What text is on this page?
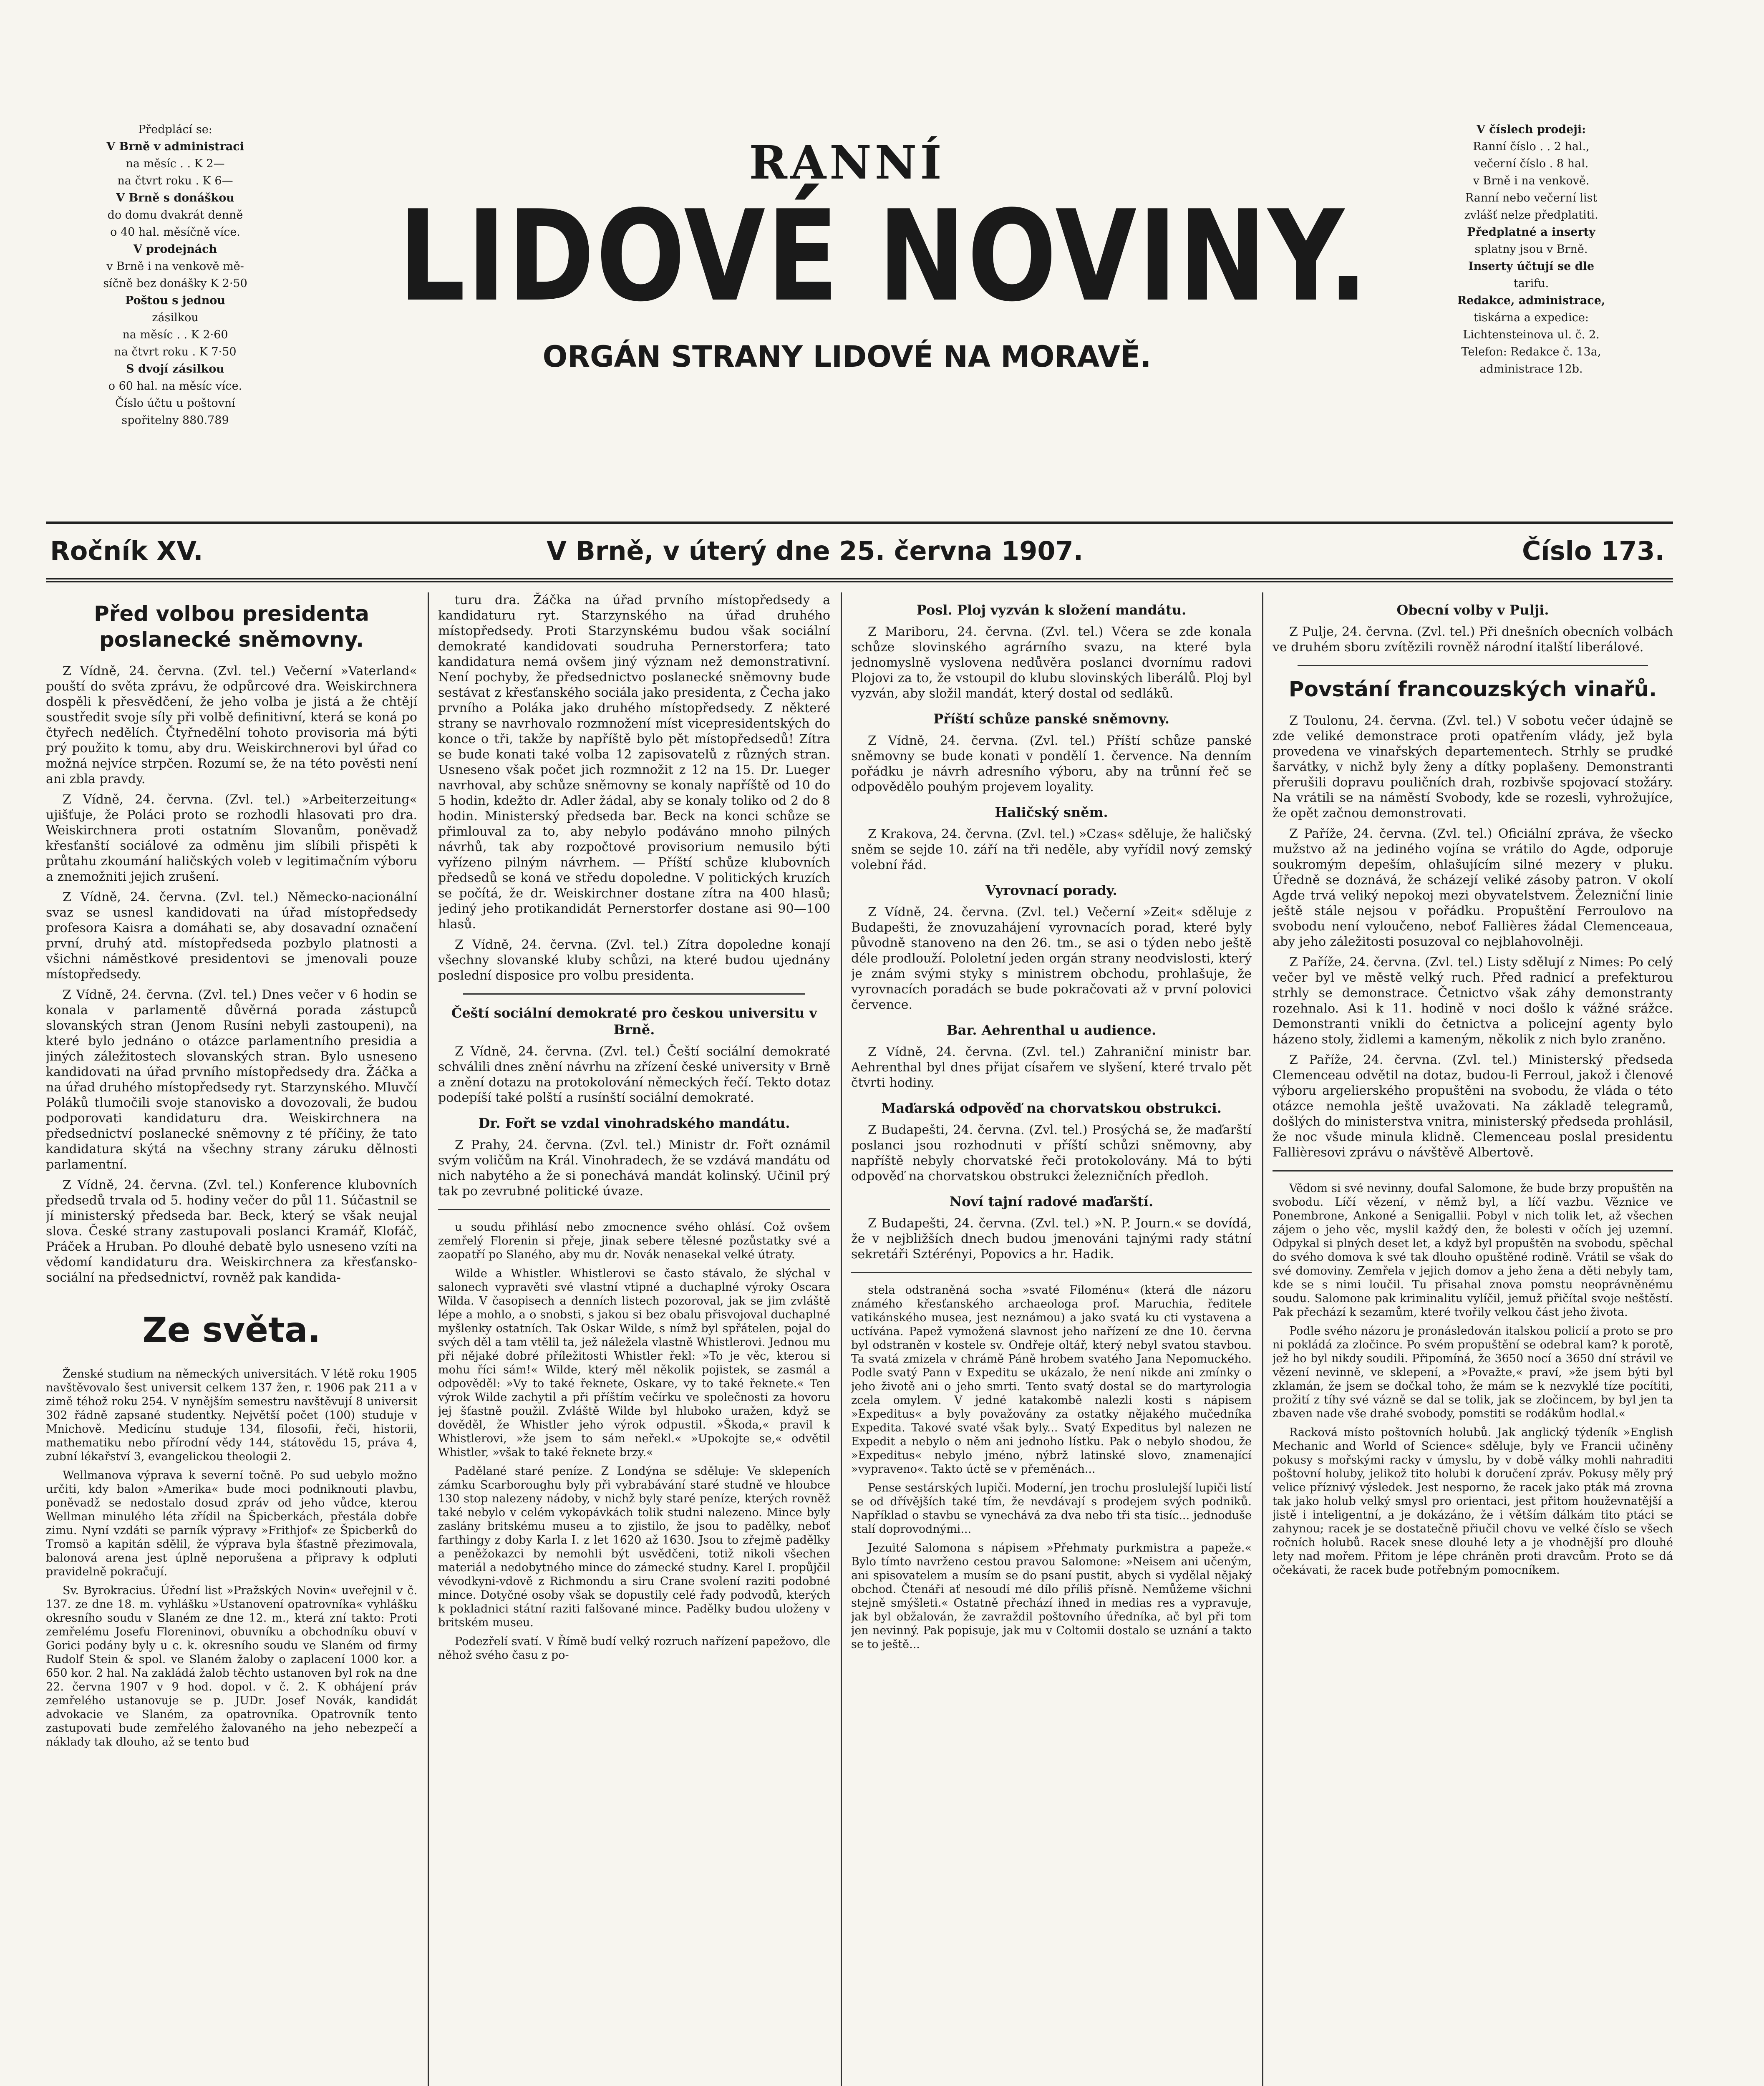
Předplácí se:

V Brně v administraci

na měsíc . . K 2—

na čtvrt roku . K 6—

V Brně s donáškou

do domu dvakrát denně

o 40 hal. měsíčně více.

V prodejnách

v Brně i na venkově mě-

síčně bez donášky K 2·50

Poštou s jednou

zásilkou

na měsíc . . K 2·60

na čtvrt roku . K 7·50

S dvojí zásilkou

o 60 hal. na měsíc více.

Číslo účtu u poštovní

spořitelny 880.789

RANNÍ
LIDOVÉ NOVINY.
ORGÁN STRANY LIDOVÉ NA MORAVĚ.

V číslech prodeji:

Ranní číslo . . 2 hal.,

večerní číslo . 8 hal.

v Brně i na venkově.

Ranní nebo večerní list

zvlášť nelze předplatiti.

Předplatné a inserty

splatny jsou v Brně.

Inserty účtují se dle

tarifu.

Redakce, administrace,

tiskárna a expedice:

Lichtensteinova ul. č. 2.

Telefon: Redakce č. 13a,

administrace 12b.

Ročník XV.	V Brně, v úterý dne 25. června 1907.	Číslo 173.
Před volbou presidenta poslanecké sněmovny.

Z Vídně, 24. června. (Zvl. tel.) Večerní »Vaterland« pouští do světa zprávu, že odpůrcové dra. Weiskirchnera dospěli k přesvědčení, že jeho volba je jistá a že chtějí soustředit svoje síly při volbě definitivní, která se koná po čtyřech nedělích. Čtyřnedělní tohoto provisoria má býti prý použito k tomu, aby dru. Weiskirchnerovi byl úřad co možná nejvíce strpčen. Rozumí se, že na této pověsti není ani zbla pravdy.

Z Vídně, 24. června. (Zvl. tel.) »Arbeiterzeitung« ujišťuje, že Poláci proto se rozhodli hlasovati pro dra. Weiskirchnera proti ostatním Slovanům, poněvadž křesťanští sociálové za odměnu jim slíbili přispěti k průtahu zkoumání haličských voleb v legitimačním výboru a znemožniti jejich zrušení.

Z Vídně, 24. června. (Zvl. tel.) Německo-nacionální svaz se usnesl kandidovati na úřad místopředsedy profesora Kaisra a domáhati se, aby dosavadní označení první, druhý atd. místopředseda pozbylo platnosti a všichni náměstkové presidentovi se jmenovali pouze místopředsedy.

Z Vídně, 24. června. (Zvl. tel.) Dnes večer v 6 hodin se konala v parlamentě důvěrná porada zástupců slovanských stran (Jenom Rusíni nebyli zastoupeni), na které bylo jednáno o otázce parlamentního presidia a jiných záležitostech slovanských stran. Bylo usneseno kandidovati na úřad prvního místopředsedy dra. Žáčka a na úřad druhého místopředsedy ryt. Starzynského. Mluvčí Poláků tlumočili svoje stanovisko a dovozovali, že budou podporovati kandidaturu dra. Weiskirchnera na předsednictví poslanecké sněmovny z té příčiny, že tato kandidatura skýtá na všechny strany záruku dělnosti parlamentní.

Z Vídně, 24. června. (Zvl. tel.) Konference klubovních předsedů trvala od 5. hodiny večer do půl 11. Súčastnil se jí ministerský předseda bar. Beck, který se však neujal slova. České strany zastupovali poslanci Kramář, Klofáč, Práček a Hruban. Po dlouhé debatě bylo usneseno vzíti na vědomí kandidaturu dra. Weiskirchnera za křesťansko-sociální na předsednictví, rovněž pak kandida-

Ze světa.

Ženské studium na německých universitách. V létě roku 1905 navštěvovalo šest universit celkem 137 žen, r. 1906 pak 211 a v zimě téhož roku 254. V nynějším semestru navštěvují 8 universit 302 řádně zapsané studentky. Největší počet (100) studuje v Mnichově. Medicínu studuje 134, filosofii, řeči, historii, mathematiku nebo přírodní vědy 144, státovědu 15, práva 4, zubní lékařství 3, evangelickou theologii 2.

Wellmanova výprava k severní točně. Po sud uebylo možno určiti, kdy balon »Amerika« bude moci podniknouti plavbu, poněvadž se nedostalo dosud zpráv od jeho vůdce, kterou Wellman minulého léta zřídil na Špicberkách, přestála dobře zimu. Nyní vzdáti se parník výpravy »Frithjof« ze Špicberků do Tromsö a kapitán sdělil, že výprava byla šťastně přezimovala, balonová arena jest úplně neporušena a připravy k odpluti pravidelně pokračují.

Sv. Byrokracius. Úřední list »Pražských Novin« uveřejnil v č. 137. ze dne 18. m. vyhlášku »Ustanovení opatrovníka« vyhlášku okresního soudu v Slaném ze dne 12. m., která zní takto: Proti zemřelému Josefu Floreninovi, obuvníku a obchodníku obuví v Gorici podány byly u c. k. okresního soudu ve Slaném od firmy Rudolf Stein & spol. ve Slaném žaloby o zaplacení 1000 kor. a 650 kor. 2 hal. Na zakládá žalob těchto ustanoven byl rok na dne 22. června 1907 v 9 hod. dopol. v č. 2. K obhájení práv zemřelého ustanovuje se p. JUDr. Josef Novák, kandidát advokacie ve Slaném, za opatrovníka. Opatrovník tento zastupovati bude zemřelého žalovaného na jeho nebezpečí a náklady tak dlouho, až se tento bud

turu dra. Žáčka na úřad prvního místopředsedy a kandidaturu ryt. Starzynského na úřad druhého místopředsedy. Proti Starzynskému budou však sociální demokraté kandidovati soudruha Pernerstorfera; tato kandidatura nemá ovšem jiný význam než demonstrativní. Není pochyby, že předsednictvo poslanecké sněmovny bude sestávat z křesťanského sociála jako presidenta, z Čecha jako prvního a Poláka jako druhého místopředsedy. Z některé strany se navrhovalo rozmnožení míst vicepresidentských do konce o tři, takže by napříště bylo pět místopředsedů! Zítra se bude konati také volba 12 zapisovatelů z různých stran. Usneseno však počet jich rozmnožit z 12 na 15. Dr. Lueger navrhoval, aby schůze sněmovny se konaly napříště od 10 do 5 hodin, kdežto dr. Adler žádal, aby se konaly toliko od 2 do 8 hodin. Ministerský předseda bar. Beck na konci schůze se přimlouval za to, aby nebylo podáváno mnoho pilných návrhů, tak aby rozpočtové provisorium nemusilo býti vyřízeno pilným návrhem. — Příští schůze klubovních předsedů se koná ve středu dopoledne. V politických kruzích se počítá, že dr. Weiskirchner dostane zítra na 400 hlasů; jediný jeho protikandidát Pernerstorfer dostane asi 90—100 hlasů.

Z Vídně, 24. června. (Zvl. tel.) Zítra dopoledne konají všechny slovanské kluby schůzi, na které budou ujednány poslední disposice pro volbu presidenta.

Čeští sociální demokraté pro českou universitu v Brně.

Z Vídně, 24. června. (Zvl. tel.) Čeští sociální demokraté schválili dnes znění návrhu na zřízení české university v Brně a znění dotazu na protokolování německých řečí. Tekto dotaz podepíší také polští a rusínští sociální demokraté.

Dr. Fořt se vzdal vinohradského mandátu.

Z Prahy, 24. června. (Zvl. tel.) Ministr dr. Fořt oznámil svým voličům na Král. Vinohradech, že se vzdává mandátu od nich nabytého a že si ponechává mandát kolinský. Učinil prý tak po zevrubné politické úvaze.

u soudu přihlásí nebo zmocnence svého ohlásí. Což ovšem zemřelý Florenin si přeje, jinak sebere tělesné pozůstatky své a zaopatří po Slaného, aby mu dr. Novák nenasekal velké útraty.

Wilde a Whistler. Whistlerovi se často stávalo, že slýchal v salonech vypravěti své vlastní vtipné a duchaplné výroky Oscara Wilda. V časopisech a denních listech pozoroval, jak se jim zvláště lépe a mohlo, a o snobsti, s jakou si bez obalu přisvojoval duchaplné myšlenky ostatních. Tak Oskar Wilde, s nímž byl spřátelen, pojal do svých děl a tam vtělil ta, jež náležela vlastně Whistlerovi. Jednou mu při nějaké dobré příležitosti Whistler řekl: »To je věc, kterou si mohu říci sám!« Wilde, který měl několik pojistek, se zasmál a odpověděl: »Vy to také řeknete, Oskare, vy to také řeknete.« Ten výrok Wilde zachytil a při příštím večírku ve společnosti za hovoru jej šťastně použil. Zvláště Wilde byl hluboko uražen, když se dověděl, že Whistler jeho výrok odpustil. »Škoda,« pravil k Whistlerovi, »že jsem to sám neřekl.« »Upokojte se,« odvětil Whistler, »však to také řeknete brzy.«

Padělané staré peníze. Z Londýna se sděluje: Ve sklepeních zámku Scarboroughu byly při vybrabávání staré studně ve hloubce 130 stop nalezeny nádoby, v nichž byly staré peníze, kterých rovněž také nebylo v celém vykopávkách tolik studni nalezeno. Mince byly zaslány britskému museu a to zjistilo, že jsou to padělky, neboť farthingy z doby Karla I. z let 1620 až 1630. Jsou to zřejmě padělky a peněžokazci by nemohli být usvědčeni, totiž nikoli všechen materiál a nedobytného mince do zámecké studny. Karel I. propůjčil vévodkyni-vdově z Richmondu a siru Crane svolení raziti podobné mince. Dotyčné osoby však se dopustily celé řady podvodů, kterých k pokladnici státní raziti falšované mince. Padělky budou uloženy v britském museu.

Podezřelí svatí. V Římě budí velký rozruch nařízení papežovo, dle něhož svého času z po-

Posl. Ploj vyzván k složení mandátu.

Z Mariboru, 24. června. (Zvl. tel.) Včera se zde konala schůze slovinského agrárního svazu, na které byla jednomyslně vyslovena nedůvěra poslanci dvornímu radovi Plojovi za to, že vstoupil do klubu slovinských liberálů. Ploj byl vyzván, aby složil mandát, který dostal od sedláků.

Příští schůze panské sněmovny.

Z Vídně, 24. června. (Zvl. tel.) Příští schůze panské sněmovny se bude konati v pondělí 1. července. Na denním pořádku je návrh adresního výboru, aby na trůnní řeč se odpovědělo pouhým projevem loyality.

Haličský sněm.

Z Krakova, 24. června. (Zvl. tel.) »Czas« sděluje, že haličský sněm se sejde 10. září na tři neděle, aby vyřídil nový zemský volební řád.

Vyrovnací porady.

Z Vídně, 24. června. (Zvl. tel.) Večerní »Zeit« sděluje z Budapešti, že znovuzahájení vyrovnacích porad, které byly původně stanoveno na den 26. tm., se asi o týden nebo ještě déle prodlouží. Pololetní jeden orgán strany neodvislosti, který je znám svými styky s ministrem obchodu, prohlašuje, že vyrovnacích poradách se bude pokračovati až v první polovici července.

Bar. Aehrenthal u audience.

Z Vídně, 24. června. (Zvl. tel.) Zahraniční ministr bar. Aehrenthal byl dnes přijat císařem ve slyšení, které trvalo pět čtvrti hodiny.

Maďarská odpověď na chorvatskou obstrukci.

Z Budapešti, 24. června. (Zvl. tel.) Prosýchá se, že maďarští poslanci jsou rozhodnuti v příští schůzi sněmovny, aby napříště nebyly chorvatské řeči protokolovány. Má to býti odpověď na chorvatskou obstrukci železničních předloh.

Noví tajní radové maďarští.

Z Budapešti, 24. června. (Zvl. tel.) »N. P. Journ.« se dovídá, že v nejbližších dnech budou jmenováni tajnými rady státní sekretáři Sztérényi, Popovics a hr. Hadik.

stela odstraněná socha »svaté Filoménu« (která dle názoru známého křesťanského archaeologa prof. Maruchia, ředitele vatikánského musea, jest neznámou) a jako svatá ku cti vystavena a uctívána. Papež vymožená slavnost jeho nařízení ze dne 10. června byl odstraněn v kostele sv. Ondřeje oltář, který nebyl svatou stavbou. Ta svatá zmizela v chrámě Páně hrobem svatého Jana Nepomuckého. Podle svatý Pann v Expeditu se ukázalo, že není nikde ani zmínky o jeho životě ani o jeho smrti. Tento svatý dostal se do martyrologia zcela omylem. V jedné katakombě nalezli kosti s nápisem »Expeditus« a byly považovány za ostatky nějakého mučedníka Expedita. Takové svaté však byly... Svatý Expeditus byl nalezen ne Expedit a nebylo o něm ani jednoho lístku. Pak o nebylo shodou, že »Expeditus« nebylo jméno, nýbrž latinské slovo, znamenající »vypraveno«. Takto úctě se v přeměnách...

Pense sestárských lupiči. Moderní, jen trochu proslulejší lupiči listí se od dřívějších také tím, že nevdávají s prodejem svých podniků. Například o stavbu se vynechává za dva nebo tři sta tisíc... jednoduše stalí doprovodnými...

Jezuité Salomona s nápisem »Přehmaty purkmistra a papeže.« Bylo tímto navrženo cestou pravou Salomone: »Neisem ani učeným, ani spisovatelem a musím se do psaní pustit, abych si vydělal nějaký obchod. Čtenáři ať nesoudí mé dílo příliš přísně. Nemůžeme všichni stejně smýšleti.« Ostatně přechází ihned in medias res a vypravuje, jak byl obžalován, že zavraždil poštovního úředníka, ač byl při tom jen nevinný. Pak popisuje, jak mu v Coltomii dostalo se uznání a takto se to ještě...

Obecní volby v Pulji.

Z Pulje, 24. června. (Zvl. tel.) Při dnešních obecních volbách ve druhém sboru zvítězili rovněž národní italští liberálové.

Povstání francouzských vinařů.

Z Toulonu, 24. června. (Zvl. tel.) V sobotu večer údajně se zde veliké demonstrace proti opatřením vlády, jež byla provedena ve vinařských departementech. Strhly se prudké šarvátky, v nichž byly ženy a dítky poplašeny. Demonstranti přerušili dopravu pouličních drah, rozbivše spojovací stožáry. Na vrátili se na náměstí Svobody, kde se rozesli, vyhrožujíce, že opět začnou demonstrovati.

Z Paříže, 24. června. (Zvl. tel.) Oficiální zpráva, že všecko mužstvo až na jediného vojína se vrátilo do Agde, odporuje soukromým depeším, ohlašujícím silné mezery v pluku. Úředně se doznává, že scházejí veliké zásoby patron. V okolí Agde trvá veliký nepokoj mezi obyvatelstvem. Železniční linie ještě stále nejsou v pořádku. Propuštění Ferroulovo na svobodu není vyloučeno, neboť Fallières žádal Clemenceaua, aby jeho záležitosti posuzoval co nejblahovolněji.

Z Paříže, 24. června. (Zvl. tel.) Listy sdělují z Nimes: Po celý večer byl ve městě velký ruch. Před radnicí a prefekturou strhly se demonstrace. Četnictvo však záhy demonstranty rozehnalo. Asi k 11. hodině v noci došlo k vážné srážce. Demonstranti vnikli do četnictva a policejní agenty bylo házeno stoly, židlemi a kameným, několik z nich bylo zraněno.

Z Paříže, 24. června. (Zvl. tel.) Ministerský předseda Clemenceau odvětil na dotaz, budou-li Ferroul, jakož i členové výboru argelierského propuštěni na svobodu, že vláda o této otázce nemohla ještě uvažovati. Na základě telegramů, došlých do ministerstva vnitra, ministerský předseda prohlásil, že noc všude minula klidně. Clemenceau poslal presidentu Fallièresovi zprávu o návštěvě Albertově.

Vědom si své nevinny, doufal Salomone, že bude brzy propuštěn na svobodu. Líčí vězení, v němž byl, a líčí vazbu. Věznice ve Ponembrone, Ankoné a Senigallii. Pobyl v nich tolik let, až všechen zájem o jeho věc, myslil každý den, že bolesti v očích jej uzemní. Odpykal si plných deset let, a když byl propuštěn na svobodu, spěchal do svého domova k své tak dlouho opuštěné rodině. Vrátil se však do své domoviny. Zemřela v jejich domov a jeho žena a děti nebyly tam, kde se s nimi loučil. Tu přisahal znova pomstu neoprávněnému soudu. Salomone pak kriminalitu vylíčil, jemuž přičítal svoje neštěstí. Pak přechází k sezamům, které tvořily velkou část jeho života.

Podle svého názoru je pronásledován italskou policií a proto se pro ni pokládá za zločince. Po svém propuštění se odebral kam? k porotě, jež ho byl nikdy soudili. Připomíná, že 3650 nocí a 3650 dní strávil ve vězení nevinně, ve sklepení, a »Považte,« praví, »že jsem býti byl zklamán, že jsem se dočkal toho, že mám se k nezvyklé tíze pocítiti, prožití z tíhy své vázně se dal se tolik, jak se zločincem, by byl jen ta zbaven nade vše drahé svobody, pomstiti se rodákům hodlal.«

Racková místo poštovních holubů. Jak anglický týdeník »English Mechanic and World of Science« sděluje, byly ve Francii učiněny pokusy s mořskými racky v úmyslu, by v době války mohli nahraditi poštovní holuby, jelikož tito holubi k doručení zpráv. Pokusy měly prý velice příznivý výsledek. Jest nesporno, že racek jako pták má zrovna tak jako holub velký smysl pro orientaci, jest přitom houževnatější a jistě i inteligentní, a je dokázáno, že i větším dálkám tito ptáci se zahynou; racek je se dostatečně přiučil chovu ve velké číslo se všech ročních holubů. Racek snese dlouhé lety a je vhodnější pro dlouhé lety nad mořem. Přitom je lépe chráněn proti dravcům. Proto se dá očekávati, že racek bude potřebným pomocníkem.
